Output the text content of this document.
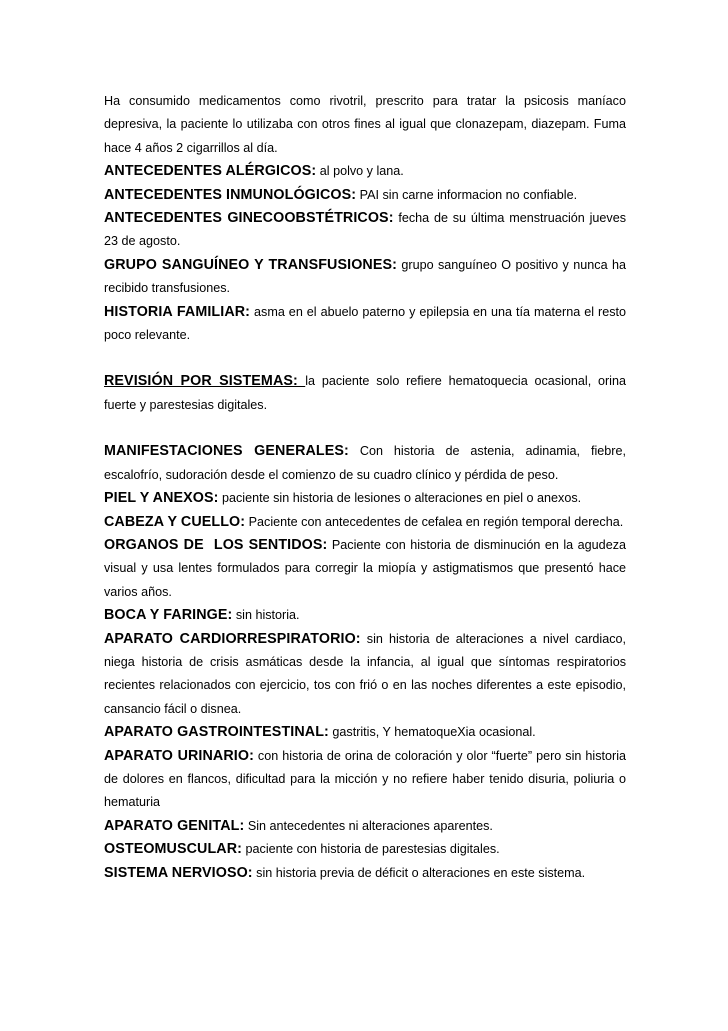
Ha consumido medicamentos como rivotril, prescrito para tratar la psicosis maníaco depresiva, la paciente lo utilizaba con otros fines al igual que clonazepam, diazepam. Fuma hace 4 años 2 cigarrillos al día.

ANTECEDENTES ALÉRGICOS: al polvo y lana.

ANTECEDENTES INMUNOLÓGICOS: PAI sin carne informacion no confiable.

ANTECEDENTES GINECOOBSTÉTRICOS: fecha de su última menstruación jueves 23 de agosto.

GRUPO SANGUÍNEO Y TRANSFUSIONES: grupo sanguíneo O positivo y nunca ha recibido transfusiones.

HISTORIA FAMILIAR: asma en el abuelo paterno y epilepsia en una tía materna el resto poco relevante.

REVISIÓN POR SISTEMAS: la paciente solo refiere hematoquecia ocasional, orina fuerte y parestesias digitales.

MANIFESTACIONES GENERALES: Con historia de astenia, adinamia, fiebre, escalofrío, sudoración desde el comienzo de su cuadro clínico y pérdida de peso.

PIEL Y ANEXOS: paciente sin historia de lesiones o alteraciones en piel o anexos.

CABEZA Y CUELLO: Paciente con antecedentes de cefalea en región temporal derecha.

ORGANOS DE  LOS SENTIDOS: Paciente con historia de disminución en la agudeza visual y usa lentes formulados para corregir la miopía y astigmatismos que presentó hace varios años.

BOCA Y FARINGE: sin historia.

APARATO CARDIORRESPIRATORIO: sin historia de alteraciones a nivel cardiaco, niega historia de crisis asmáticas desde la infancia, al igual que síntomas respiratorios recientes relacionados con ejercicio, tos con frió o en las noches diferentes a este episodio, cansancio fácil o disnea.

APARATO GASTROINTESTINAL: gastritis, Y hematoqueXia ocasional.

APARATO URINARIO: con historia de orina de coloración y olor “fuerte” pero sin historia de dolores en flancos, dificultad para la micción y no refiere haber tenido disuria, poliuria o hematuria

APARATO GENITAL: Sin antecedentes ni alteraciones aparentes.

OSTEOMUSCULAR: paciente con historia de parestesias digitales.

SISTEMA NERVIOSO: sin historia previa de déficit o alteraciones en este sistema.
